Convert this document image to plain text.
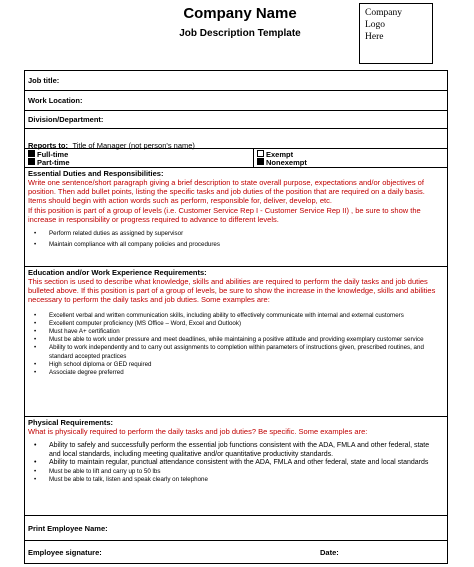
Company Name
Job Description Template
Company
Logo
Here
Job title:
Work Location:
Division/Department:
Reports to: Title of Manager (not person's name)
Full-time
Part-time
Exempt
Nonexempt
Essential Duties and Responsibilities:
Write one sentence/short paragraph giving a brief description to state overall purpose, expectations and/or objectives of position. Then add bullet points, listing the specific tasks and job duties of the position that are required on a daily basis. Items should begin with action words such as perform, responsible for, deliver, develop, etc.
If this position is part of a group of levels (i.e. Customer Service Rep I - Customer Service Rep II) , be sure to show the increase in responsibility or progress required to advance to different levels.
• Perform related duties as assigned by supervisor
• Maintain compliance with all company policies and procedures
Education and/or Work Experience Requirements:
This section is used to describe what knowledge, skills and abilities are required to perform the daily tasks and job duties bulleted above. If this position is part of a group of levels, be sure to show the increase in the knowledge, skills and abilities necessary to perform the daily tasks and job duties. Some examples are:
• Excellent verbal and written communication skills, including ability to effectively communicate with internal and external customers
• Excellent computer proficiency (MS Office – Word, Excel and Outlook)
• Must have A+ certification
• Must be able to work under pressure and meet deadlines, while maintaining a positive attitude and providing exemplary customer service
• Ability to work independently and to carry out assignments to completion within parameters of instructions given, prescribed routines, and standard accepted practices
• High school diploma or GED required
• Associate degree preferred
Physical Requirements:
What is physically required to perform the daily tasks and job duties? Be specific. Some examples are:
• Ability to safely and successfully perform the essential job functions consistent with the ADA, FMLA and other federal, state and local standards, including meeting qualitative and/or quantitative productivity standards.
• Ability to maintain regular, punctual attendance consistent with the ADA, FMLA and other federal, state and local standards
• Must be able to lift and carry up to 50 lbs
• Must be able to talk, listen and speak clearly on telephone
Print Employee Name:
Employee signature:	Date:
